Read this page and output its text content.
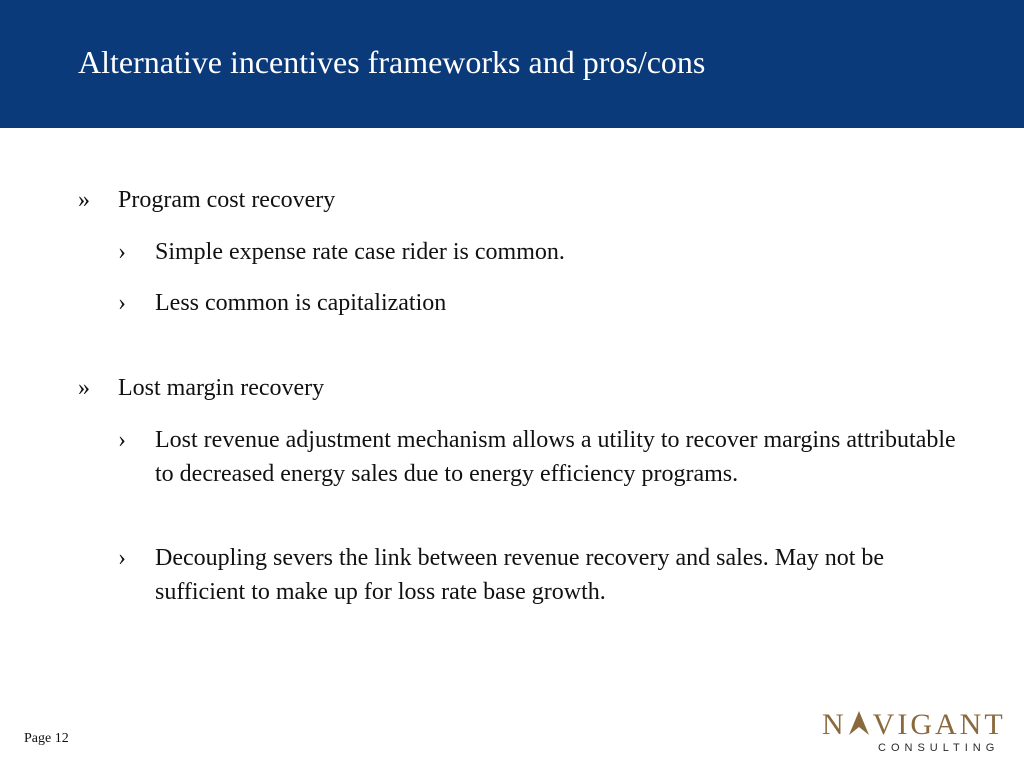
Alternative incentives frameworks and pros/cons
» Program cost recovery
› Simple expense rate case rider is common.
› Less common is capitalization
» Lost margin recovery
› Lost revenue adjustment mechanism allows a utility to recover margins attributable to decreased energy sales due to energy efficiency programs.
› Decoupling severs the link between revenue recovery and sales. May not be sufficient to make up for loss rate base growth.
Page 12	N VIGANT
CONSULTING
